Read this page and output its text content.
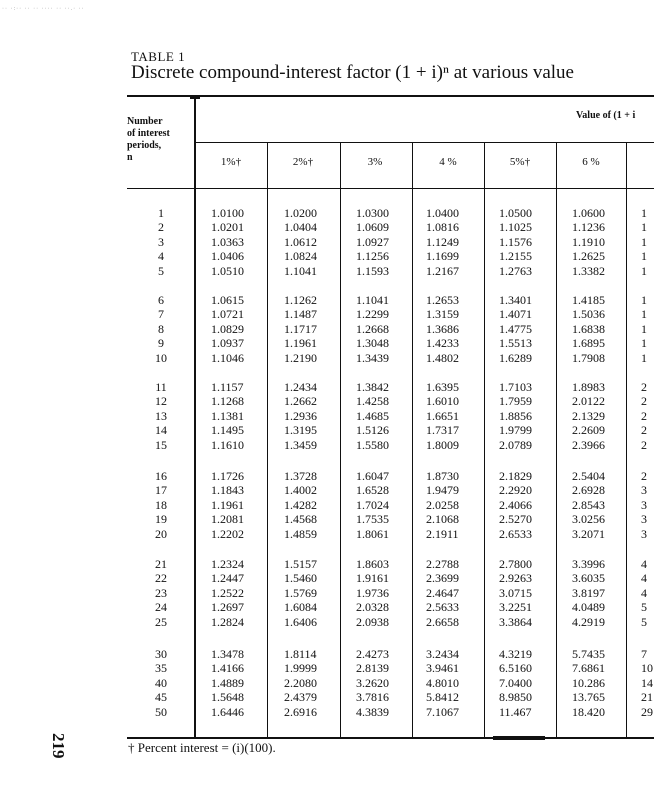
·· ·:·· ·· ·· ···· ·· ··.· ··
TABLE 1
Discrete compound-interest factor (1 + i)ⁿ at various value
Number
of interest
periods,
n
Value of (1 + i
1%†	2%†	3%	4 %	5%†	6 %
1	1.0100	1.0200	1.0300	1.0400	1.0500	1.0600	1
2	1.0201	1.0404	1.0609	1.0816	1.1025	1.1236	1
3	1.0363	1.0612	1.0927	1.1249	1.1576	1.1910	1
4	1.0406	1.0824	1.1256	1.1699	1.2155	1.2625	1
5	1.0510	1.1041	1.1593	1.2167	1.2763	1.3382	1
6	1.0615	1.1262	1.1041	1.2653	1.3401	1.4185	1
7	1.0721	1.1487	1.2299	1.3159	1.4071	1.5036	1
8	1.0829	1.1717	1.2668	1.3686	1.4775	1.6838	1
9	1.0937	1.1961	1.3048	1.4233	1.5513	1.6895	1
10	1.1046	1.2190	1.3439	1.4802	1.6289	1.7908	1
11	1.1157	1.2434	1.3842	1.6395	1.7103	1.8983	2
12	1.1268	1.2662	1.4258	1.6010	1.7959	2.0122	2
13	1.1381	1.2936	1.4685	1.6651	1.8856	2.1329	2
14	1.1495	1.3195	1.5126	1.7317	1.9799	2.2609	2
15	1.1610	1.3459	1.5580	1.8009	2.0789	2.3966	2
16	1.1726	1.3728	1.6047	1.8730	2.1829	2.5404	2
17	1.1843	1.4002	1.6528	1.9479	2.2920	2.6928	3
18	1.1961	1.4282	1.7024	2.0258	2.4066	2.8543	3
19	1.2081	1.4568	1.7535	2.1068	2.5270	3.0256	3
20	1.2202	1.4859	1.8061	2.1911	2.6533	3.2071	3
21	1.2324	1.5157	1.8603	2.2788	2.7800	3.3996	4
22	1.2447	1.5460	1.9161	2.3699	2.9263	3.6035	4
23	1.2522	1.5769	1.9736	2.4647	3.0715	3.8197	4
24	1.2697	1.6084	2.0328	2.5633	3.2251	4.0489	5
25	1.2824	1.6406	2.0938	2.6658	3.3864	4.2919	5
30	1.3478	1.8114	2.4273	3.2434	4.3219	5.7435	7
35	1.4166	1.9999	2.8139	3.9461	6.5160	7.6861	10
40	1.4889	2.2080	3.2620	4.8010	7.0400	10.286	14
45	1.5648	2.4379	3.7816	5.8412	8.9850	13.765	21
50	1.6446	2.6916	4.3839	7.1067	11.467	18.420	29
† Percent interest = (i)(100).
219
